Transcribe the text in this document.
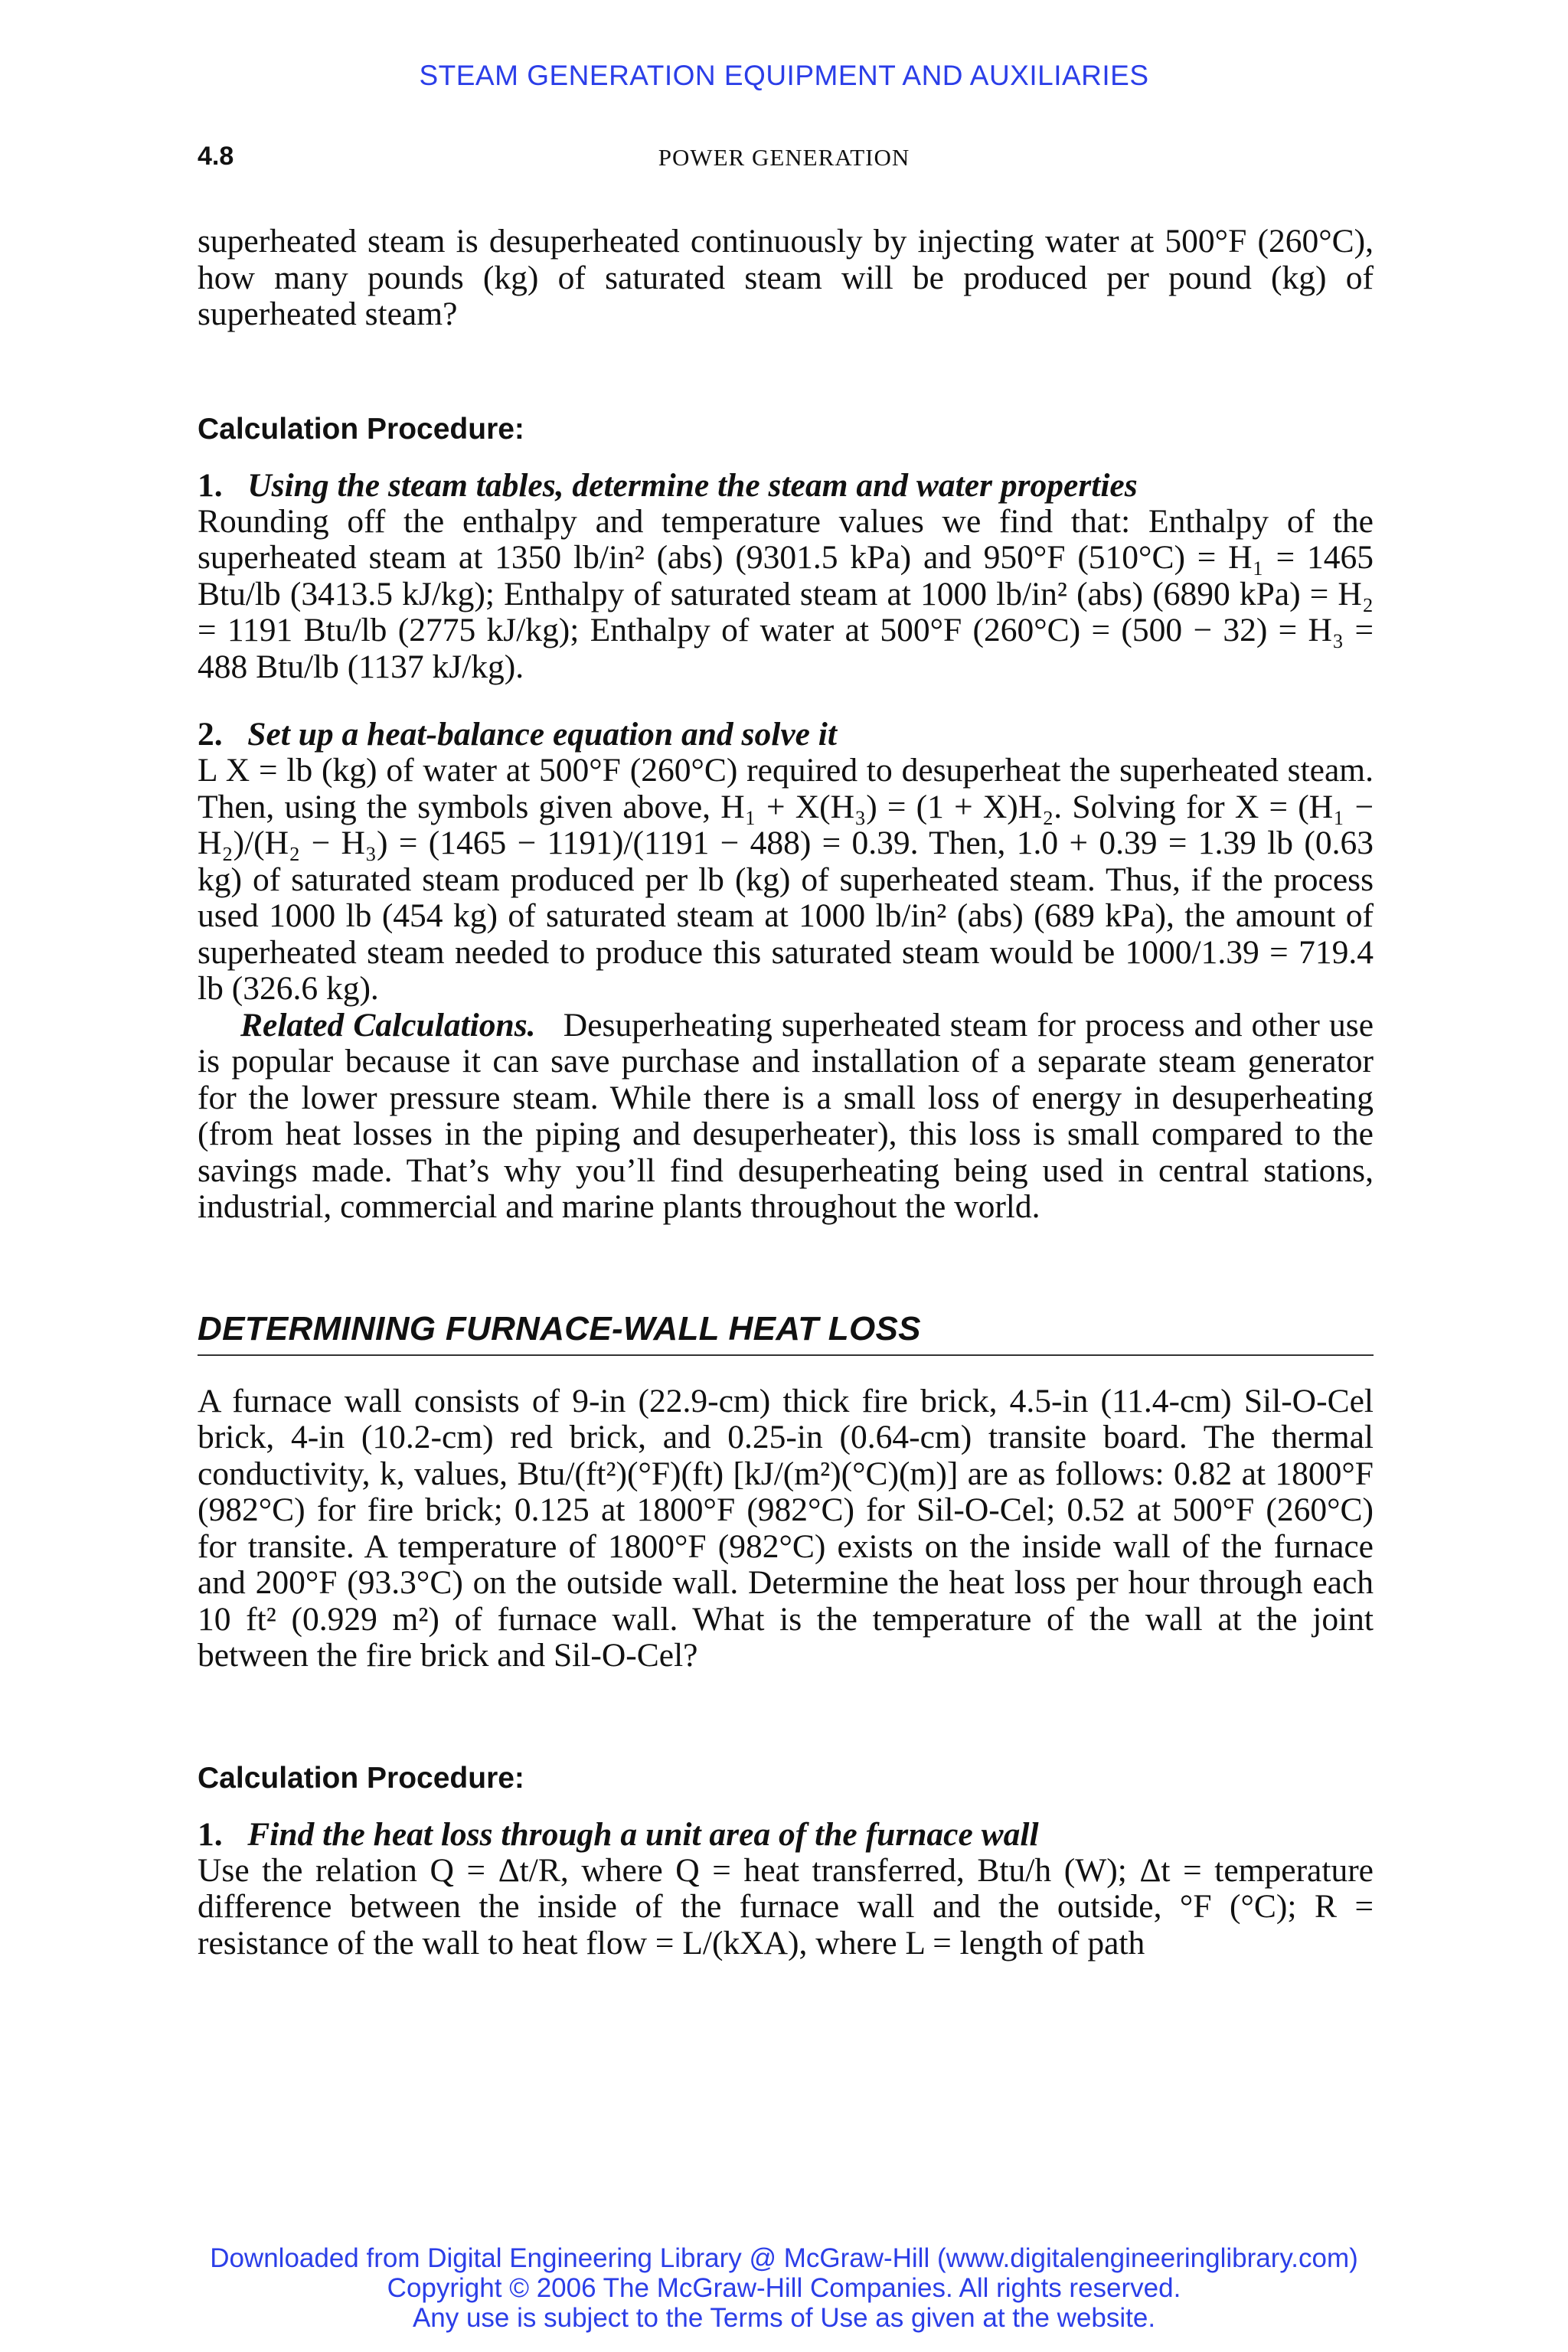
STEAM GENERATION EQUIPMENT AND AUXILIARIES
4.8	POWER GENERATION

superheated steam is desuperheated continuously by injecting water at 500°F (260°C), how many pounds (kg) of saturated steam will be produced per pound (kg) of superheated steam?

Calculation Procedure:
1. Using the steam tables, determine the steam and water properties

Rounding off the enthalpy and temperature values we find that: Enthalpy of the superheated steam at 1350 lb/in² (abs) (9301.5 kPa) and 950°F (510°C) = H₁ = 1465 Btu/lb (3413.5 kJ/kg); Enthalpy of saturated steam at 1000 lb/in² (abs) (6890 kPa) = H₂ = 1191 Btu/lb (2775 kJ/kg); Enthalpy of water at 500°F (260°C) = (500 − 32) = H₃ = 488 Btu/lb (1137 kJ/kg).

2. Set up a heat-balance equation and solve it

L X = lb (kg) of water at 500°F (260°C) required to desuperheat the superheated steam. Then, using the symbols given above, H₁ + X(H₃) = (1 + X)H₂. Solving for X = (H₁ − H₂)/(H₂ − H₃) = (1465 − 1191)/(1191 − 488) = 0.39. Then, 1.0 + 0.39 = 1.39 lb (0.63 kg) of saturated steam produced per lb (kg) of superheated steam. Thus, if the process used 1000 lb (454 kg) of saturated steam at 1000 lb/in² (abs) (689 kPa), the amount of superheated steam needed to produce this saturated steam would be 1000/1.39 = 719.4 lb (326.6 kg).

Related Calculations. Desuperheating superheated steam for process and other use is popular because it can save purchase and installation of a separate steam generator for the lower pressure steam. While there is a small loss of energy in desuperheating (from heat losses in the piping and desuperheater), this loss is small compared to the savings made. That’s why you’ll find desuperheating being used in central stations, industrial, commercial and marine plants throughout the world.

DETERMINING FURNACE-WALL HEAT LOSS

A furnace wall consists of 9-in (22.9-cm) thick fire brick, 4.5-in (11.4-cm) Sil-O-Cel brick, 4-in (10.2-cm) red brick, and 0.25-in (0.64-cm) transite board. The thermal conductivity, k, values, Btu/(ft²)(°F)(ft) [kJ/(m²)(°C)(m)] are as follows: 0.82 at 1800°F (982°C) for fire brick; 0.125 at 1800°F (982°C) for Sil-O-Cel; 0.52 at 500°F (260°C) for transite. A temperature of 1800°F (982°C) exists on the inside wall of the furnace and 200°F (93.3°C) on the outside wall. Determine the heat loss per hour through each 10 ft² (0.929 m²) of furnace wall. What is the temperature of the wall at the joint between the fire brick and Sil-O-Cel?

Calculation Procedure:
1. Find the heat loss through a unit area of the furnace wall

Use the relation Q = Δt/R, where Q = heat transferred, Btu/h (W); Δt = temperature difference between the inside of the furnace wall and the outside, °F (°C); R = resistance of the wall to heat flow = L/(kXA), where L = length of path

Downloaded from Digital Engineering Library @ McGraw-Hill (www.digitalengineeringlibrary.com)
Copyright © 2006 The McGraw-Hill Companies. All rights reserved.
Any use is subject to the Terms of Use as given at the website.
